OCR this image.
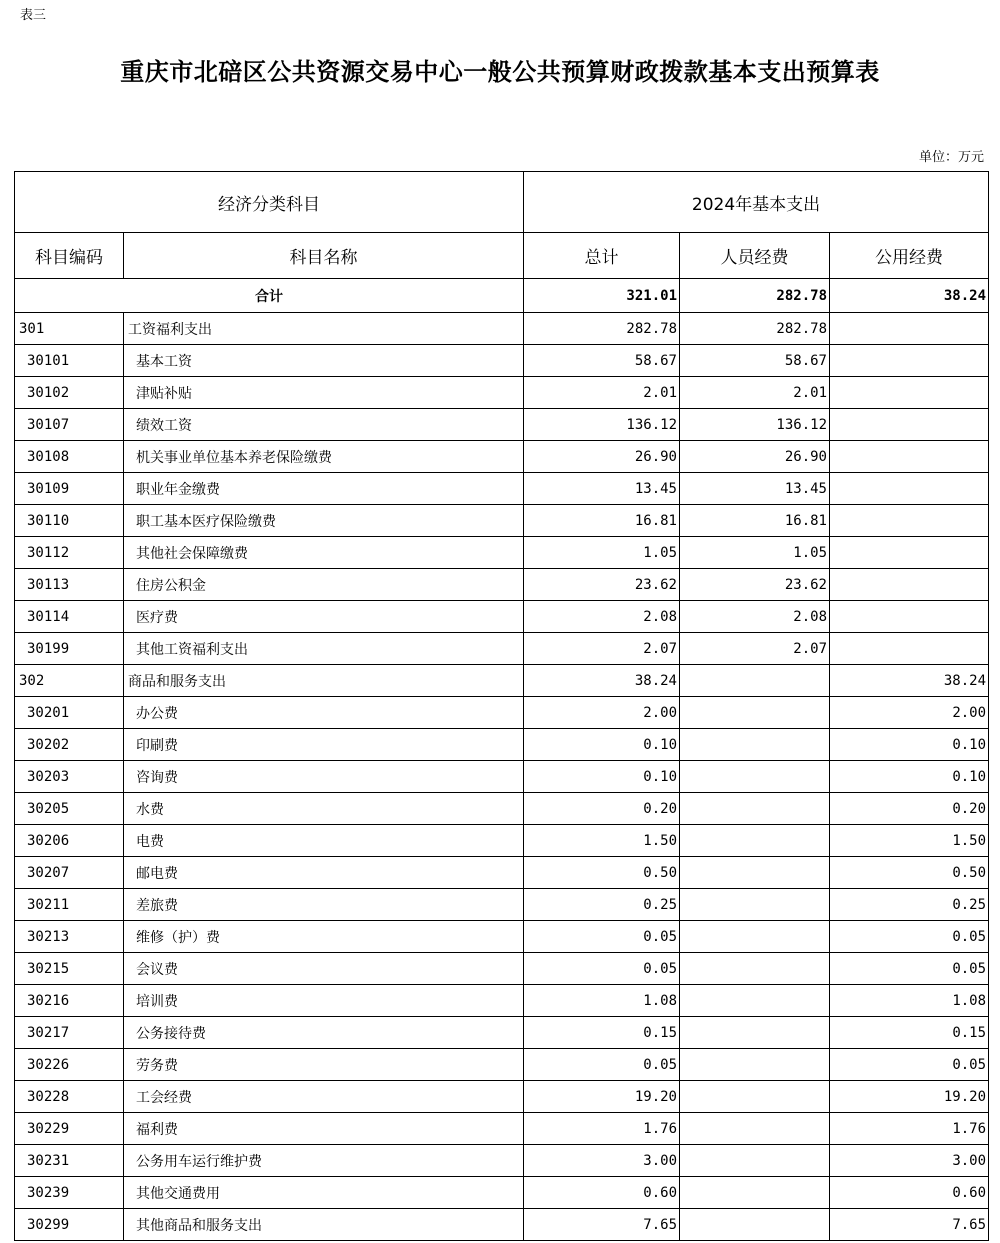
表三
重庆市北碚区公共资源交易中心一般公共预算财政拨款基本支出预算表
单位：万元
经济分类科目		2024年基本支出		
科目编码	科目名称	总计	人员经费	公用经费
合计		321.01	282.78	38.24
301	工资福利支出	282.78	282.78	
30101	基本工资	58.67	58.67	
30102	津贴补贴	2.01	2.01	
30107	绩效工资	136.12	136.12	
30108	机关事业单位基本养老保险缴费	26.90	26.90	
30109	职业年金缴费	13.45	13.45	
30110	职工基本医疗保险缴费	16.81	16.81	
30112	其他社会保障缴费	1.05	1.05	
30113	住房公积金	23.62	23.62	
30114	医疗费	2.08	2.08	
30199	其他工资福利支出	2.07	2.07	
302	商品和服务支出	38.24		38.24
30201	办公费	2.00		2.00
30202	印刷费	0.10		0.10
30203	咨询费	0.10		0.10
30205	水费	0.20		0.20
30206	电费	1.50		1.50
30207	邮电费	0.50		0.50
30211	差旅费	0.25		0.25
30213	维修（护）费	0.05		0.05
30215	会议费	0.05		0.05
30216	培训费	1.08		1.08
30217	公务接待费	0.15		0.15
30226	劳务费	0.05		0.05
30228	工会经费	19.20		19.20
30229	福利费	1.76		1.76
30231	公务用车运行维护费	3.00		3.00
30239	其他交通费用	0.60		0.60
30299	其他商品和服务支出	7.65		7.65
